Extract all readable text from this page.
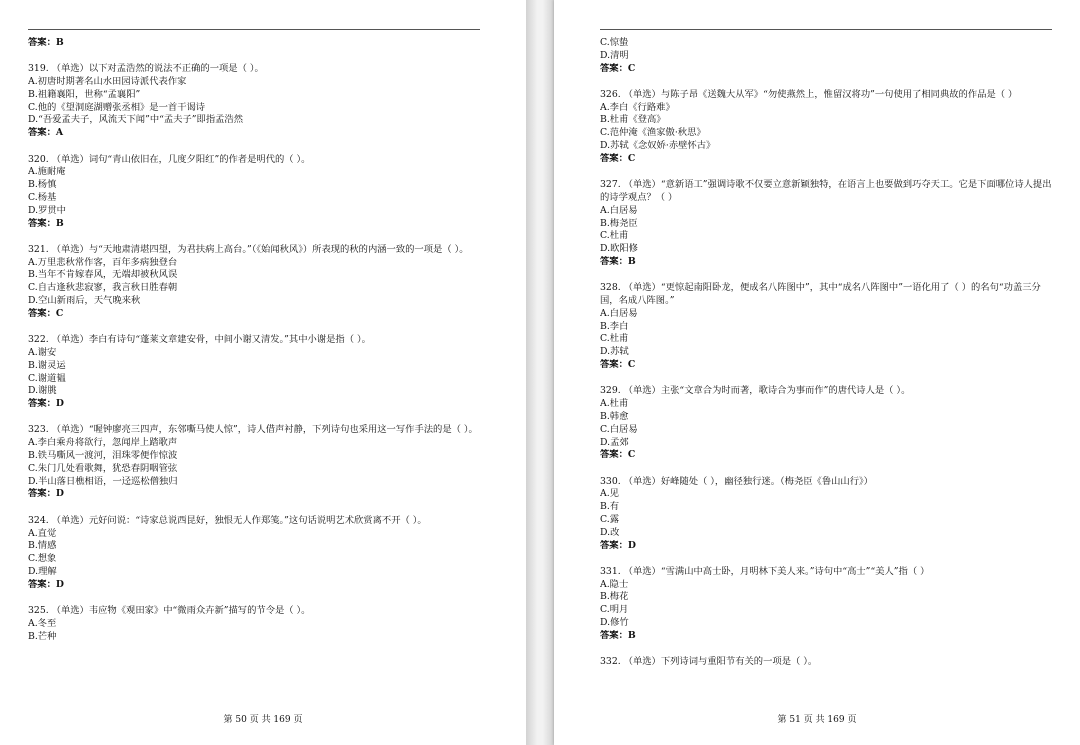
答案：B
319. （单选）以下对孟浩然的说法不正确的一项是（ ）。
A.初唐时期著名山水田园诗派代表作家
B.祖籍襄阳，世称“孟襄阳”
C.他的《望洞庭湖赠张丞相》是一首干谒诗
D.“吾爱孟夫子，风流天下闻”中“孟夫子”即指孟浩然
答案：A
320. （单选）词句“青山依旧在，几度夕阳红”的作者是明代的（ ）。
A.施耐庵
B.杨慎
C.杨基
D.罗贯中
答案：B
321. （单选）与“天地肃清堪四望，为君扶病上高台。”（《始闻秋风》）所表现的秋的内涵一致的一项是（ ）。
A.万里悲秋常作客，百年多病独登台
B.当年不肯嫁春风，无端却被秋风误
C.自古逢秋悲寂寥，我言秋日胜春朝
D.空山新雨后，天气晚来秋
答案：C
322. （单选）李白有诗句“蓬莱文章建安骨，中间小谢又清发。”其中小谢是指（ ）。
A.谢安
B.谢灵运
C.谢道韫
D.谢朓
答案：D
323. （单选）“喔钟廖亮三四声，东邻嘶马使人惊”，诗人借声衬静，下列诗句也采用这一写作手法的是（ ）。
A.李白乘舟将欲行，忽闻岸上踏歌声
B.铁马嘶风一渡河，泪珠零便作惊波
C.朱门几处看歌舞，犹恐春阴咽管弦
D.半山落日樵相语，一迳巡松僧独归
答案：D
324. （单选）元好问说：“诗家总说西昆好，独恨无人作郑笺。”这句话说明艺术欣赏离不开（ ）。
A.直觉
B.情感
C.想象
D.理解
答案：D
325. （单选）韦应物《观田家》中“微雨众卉新”描写的节令是（ ）。
A.冬至
B.芒种
第 50 页 共 169 页
C.惊蛰
D.清明
答案：C
326. （单选）与陈子昂《送魏大从军》“勿使燕然上，惟留汉将功”一句使用了相同典故的作品是（ ）
A.李白《行路难》
B.杜甫《登高》
C.范仲淹《渔家傲·秋思》
D.苏轼《念奴娇·赤壁怀古》
答案：C
327. （单选）“意新语工”强调诗歌不仅要立意新颖独特，在语言上也要做到巧夺天工。它是下面哪位诗人提出的诗学观点？（ ）
A.白居易
B.梅尧臣
C.杜甫
D.欧阳修
答案：B
328. （单选）“更惊起南阳卧龙，便成名八阵图中”，其中“成名八阵图中”一语化用了（ ）的名句“功盖三分国，名成八阵图。”
A.白居易
B.李白
C.杜甫
D.苏轼
答案：C
329. （单选）主张“文章合为时而著，歌诗合为事而作”的唐代诗人是（ ）。
A.杜甫
B.韩愈
C.白居易
D.孟郊
答案：C
330. （单选）好峰随处（ ），幽径独行迷。（梅尧臣《鲁山山行》）
A.见
B.有
C.露
D.改
答案：D
331. （单选）“雪满山中高士卧，月明林下美人来。”诗句中“高士”“美人”指（ ）
A.隐士
B.梅花
C.明月
D.修竹
答案：B
332. （单选）下列诗词与重阳节有关的一项是（ ）。
第 51 页 共 169 页
